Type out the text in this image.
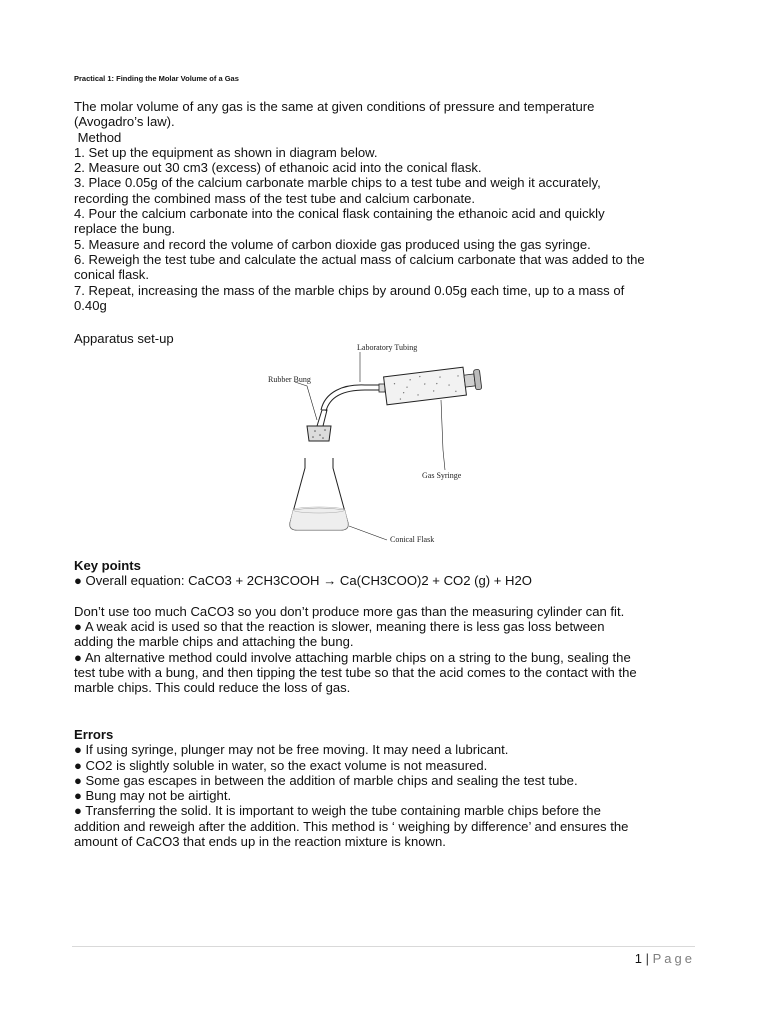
Practical 1: Finding the Molar Volume of a Gas

The molar volume of any gas is the same at given conditions of pressure and temperature

(Avogadro’s law).

Method

1. Set up the equipment as shown in diagram below.

2. Measure out 30 cm3 (excess) of ethanoic acid into the conical flask.

3. Place 0.05g of the calcium carbonate marble chips to a test tube and weigh it accurately,

recording the combined mass of the test tube and calcium carbonate.

4. Pour the calcium carbonate into the conical flask containing the ethanoic acid and quickly

replace the bung.

5. Measure and record the volume of carbon dioxide gas produced using the gas syringe.

6. Reweigh the test tube and calculate the actual mass of calcium carbonate that was added to the

conical flask.

7. Repeat, increasing the mass of the marble chips by around 0.05g each time, up to a mass of

0.40g

Apparatus set-up

Laboratory Tubing
Rubber Bung
Gas Syringe
Conical Flask

Key points

● Overall equation: CaCO3 + 2CH3COOH → Ca(CH3COO)2 + CO2 (g) + H2O

Don’t use too much CaCO3 so you don’t produce more gas than the measuring cylinder can fit.

● A weak acid is used so that the reaction is slower, meaning there is less gas loss between

adding the marble chips and attaching the bung.

● An alternative method could involve attaching marble chips on a string to the bung, sealing the

test tube with a bung, and then tipping the test tube so that the acid comes to the contact with the

marble chips. This could reduce the loss of gas.

Errors

● If using syringe, plunger may not be free moving. It may need a lubricant.

● CO2 is slightly soluble in water, so the exact volume is not measured.

● Some gas escapes in between the addition of marble chips and sealing the test tube.

● Bung may not be airtight.

● Transferring the solid. It is important to weigh the tube containing marble chips before the

addition and reweigh after the addition. This method is ‘ weighing by difference’ and ensures the

amount of CaCO3 that ends up in the reaction mixture is known.

1 | Page
